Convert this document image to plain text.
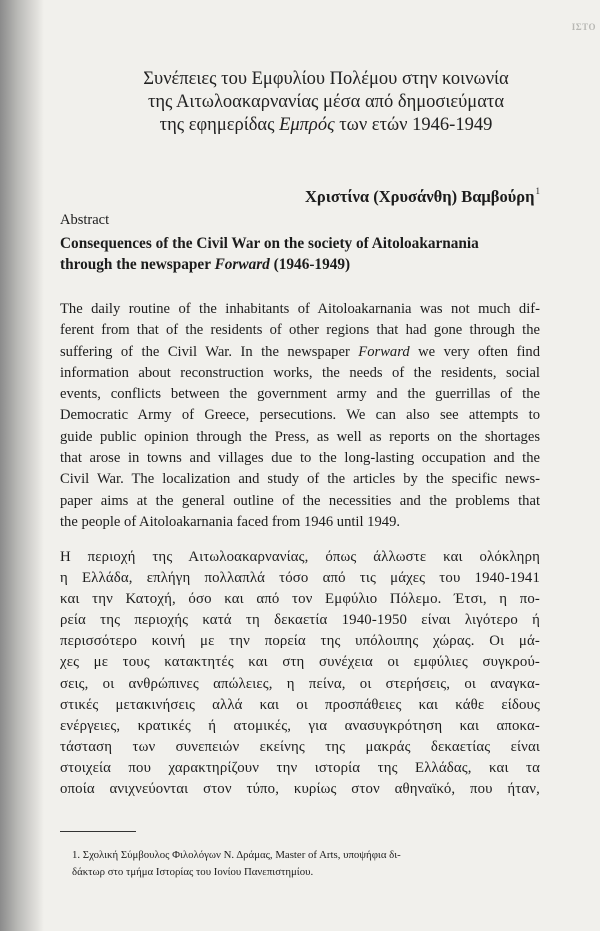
ΙΣΤΟ
Συνέπειες του Εμφυλίου Πολέμου στην κοινωνία
της Αιτωλοακαρνανίας μέσα από δημοσιεύματα
της εφημερίδας Εμπρός των ετών 1946-1949
Χριστίνα (Χρυσάνθη) Βαμβούρη$^1$
Abstract
Consequences of the Civil War on the society of Aitoloakarnania
through the newspaper Forward (1946-1949)
The daily routine of the inhabitants of Aitoloakarnania was not much dif-
ferent from that of the residents of other regions that had gone through the
suffering of the Civil War. In the newspaper Forward we very often find
information about reconstruction works, the needs of the residents, social
events, conflicts between the government army and the guerrillas of the
Democratic Army of Greece, persecutions. We can also see attempts to
guide public opinion through the Press, as well as reports on the shortages
that arose in towns and villages due to the long-lasting occupation and the
Civil War. The localization and study of the articles by the specific news-
paper aims at the general outline of the necessities and the problems that
the people of Aitoloakarnania faced from 1946 until 1949.
Η περιοχή της Αιτωλοακαρνανίας, όπως άλλωστε και ολόκληρη
η Ελλάδα, επλήγη πολλαπλά τόσο από τις μάχες του 1940-1941
και την Κατοχή, όσο και από τον Εμφύλιο Πόλεμο. Έτσι, η πο-
ρεία της περιοχής κατά τη δεκαετία 1940-1950 είναι λιγότερο ή
περισσότερο κοινή με την πορεία της υπόλοιπης χώρας. Οι μά-
χες με τους κατακτητές και στη συνέχεια οι εμφύλιες συγκρού-
σεις, οι ανθρώπινες απώλειες, η πείνα, οι στερήσεις, οι αναγκα-
στικές μετακινήσεις αλλά και οι προσπάθειες και κάθε είδους
ενέργειες, κρατικές ή ατομικές, για ανασυγκρότηση και αποκα-
τάσταση των συνεπειών εκείνης της μακράς δεκαετίας είναι
στοιχεία που χαρακτηρίζουν την ιστορία της Ελλάδας, και τα
οποία ανιχνεύονται στον τύπο, κυρίως στον αθηναϊκό, που ήταν,
1. Σχολική Σύμβουλος Φιλολόγων Ν. Δράμας, Master of Arts, υποψήφια δι-
δάκτωρ στο τμήμα Ιστορίας του Ιονίου Πανεπιστημίου.
